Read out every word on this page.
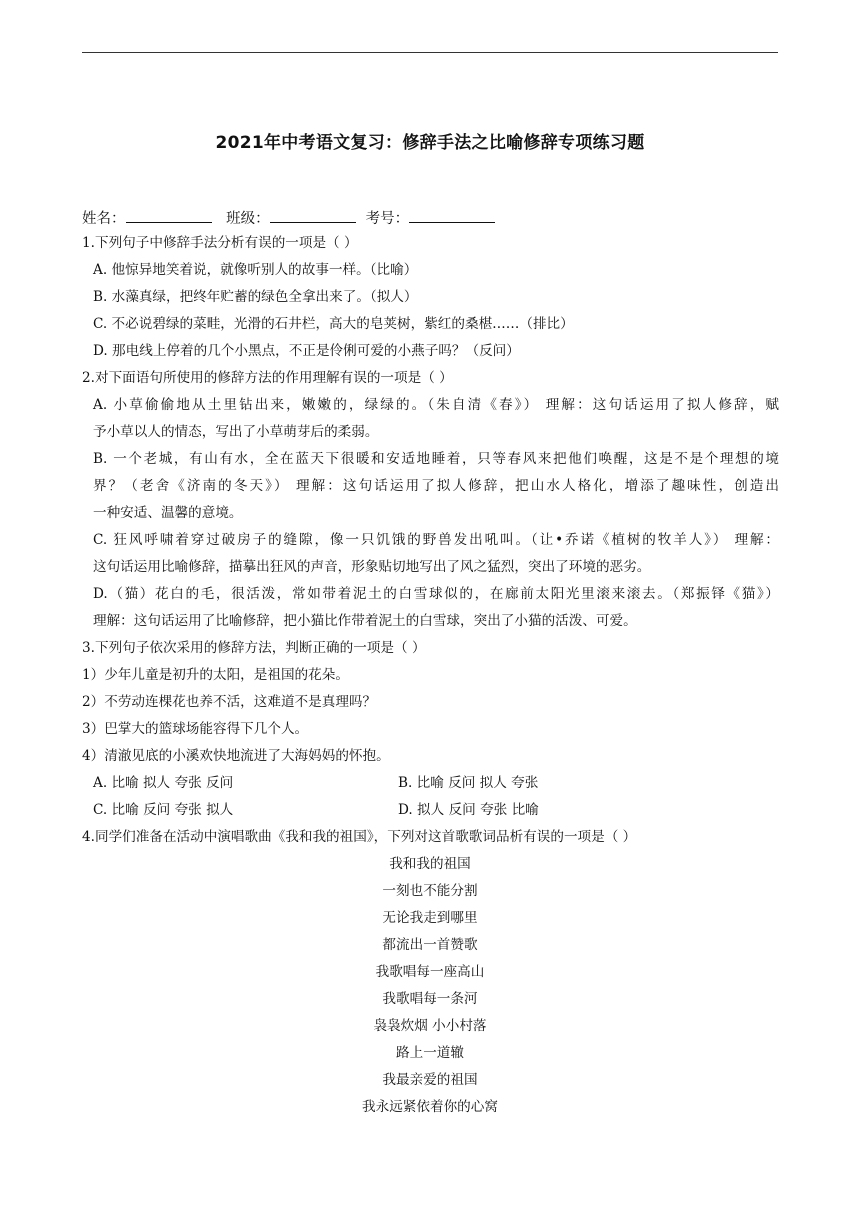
2021年中考语文复习：修辞手法之比喻修辞专项练习题
姓名：	班级：	考号：
1.下列句子中修辞手法分析有误的一项是（ ）
A. 他惊异地笑着说，就像听别人的故事一样。（比喻）
B. 水藻真绿，把终年贮蓄的绿色全拿出来了。（拟人）
C. 不必说碧绿的菜畦，光滑的石井栏，高大的皂荚树，紫红的桑椹……（排比）
D. 那电线上停着的几个小黑点，不正是伶俐可爱的小燕子吗？（反问）
2.对下面语句所使用的修辞方法的作用理解有误的一项是（ ）
A. 小草偷偷地从土里钻出来，嫩嫩的，绿绿的。（朱自清《春》） 理解：这句话运用了拟人修辞，赋
予小草以人的情态，写出了小草萌芽后的柔弱。
B. 一个老城，有山有水，全在蓝天下很暖和安适地睡着，只等春风来把他们唤醒，这是不是个理想的境
界？（老舍《济南的冬天》） 理解：这句话运用了拟人修辞，把山水人格化，增添了趣味性，创造出
一种安适、温馨的意境。
C. 狂风呼啸着穿过破房子的缝隙，像一只饥饿的野兽发出吼叫。（让•乔诺《植树的牧羊人》） 理解：
这句话运用比喻修辞，描摹出狂风的声音，形象贴切地写出了风之猛烈，突出了环境的恶劣。
D.（猫）花白的毛，很活泼，常如带着泥土的白雪球似的，在廊前太阳光里滚来滚去。（郑振铎《猫》）
理解：这句话运用了比喻修辞，把小猫比作带着泥土的白雪球，突出了小猫的活泼、可爱。
3.下列句子依次采用的修辞方法，判断正确的一项是（ ）
1）少年儿童是初升的太阳，是祖国的花朵。
2）不劳动连棵花也养不活，这难道不是真理吗？
3）巴掌大的篮球场能容得下几个人。
4）清澈见底的小溪欢快地流进了大海妈妈的怀抱。
A. 比喻 拟人 夸张 反问	B. 比喻 反问 拟人 夸张
C. 比喻 反问 夸张 拟人	D. 拟人 反问 夸张 比喻
4.同学们准备在活动中演唱歌曲《我和我的祖国》，下列对这首歌歌词品析有误的一项是（ ）
我和我的祖国
一刻也不能分割
无论我走到哪里
都流出一首赞歌
我歌唱每一座高山
我歌唱每一条河
袅袅炊烟 小小村落
路上一道辙
我最亲爱的祖国
我永远紧依着你的心窝
